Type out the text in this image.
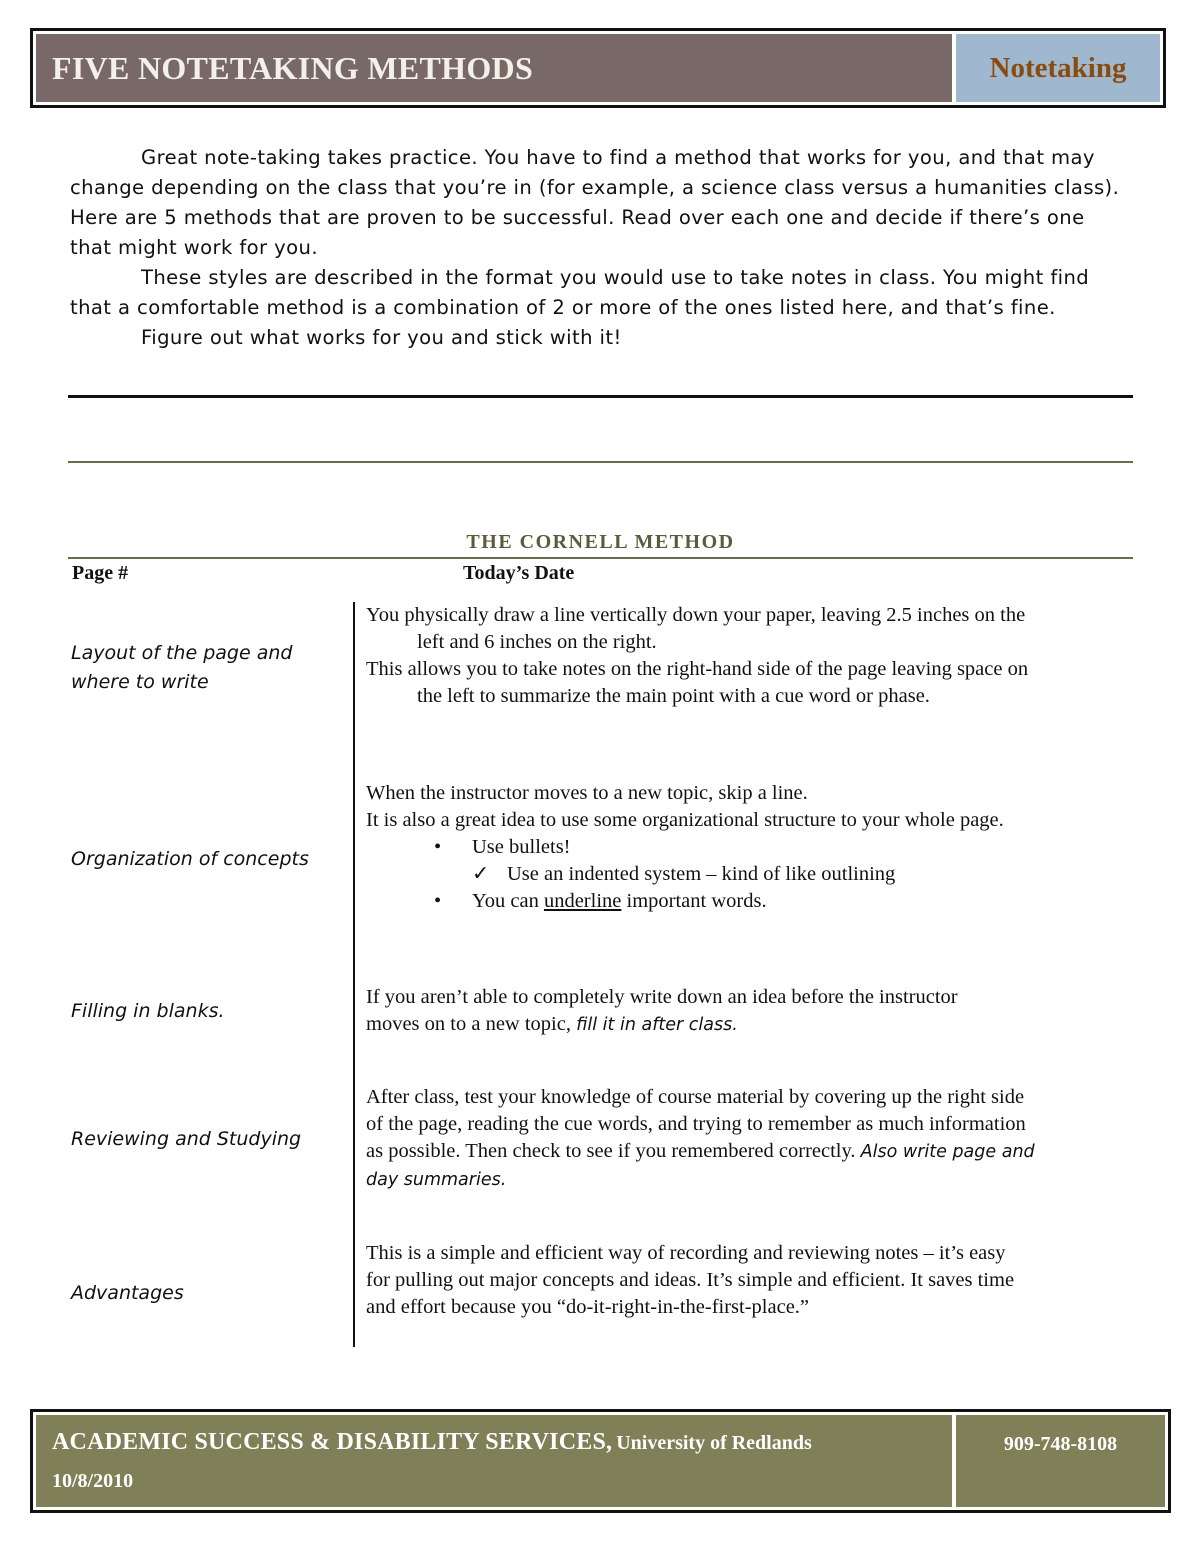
FIVE NOTETAKING METHODS	Notetaking

Great note-taking takes practice. You have to find a method that works for you, and that may change depending on the class that you’re in (for example, a science class versus a humanities class). Here are 5 methods that are proven to be successful. Read over each one and decide if there’s one that might work for you.

These styles are described in the format you would use to take notes in class. You might find that a comfortable method is a combination of 2 or more of the ones listed here, and that’s fine.

Figure out what works for you and stick with it!

THE CORNELL METHOD
Page #	Today’s Date
Layout of the page and where to write
Organization of concepts
Filling in blanks.
Reviewing and Studying
Advantages
You physically draw a line vertically down your paper, leaving 2.5 inches on the left and 6 inches on the right.
This allows you to take notes on the right-hand side of the page leaving space on the left to summarize the main point with a cue word or phase.
When the instructor moves to a new topic, skip a line.
It is also a great idea to use some organizational structure to your whole page.
• Use bullets!
✓ Use an indented system – kind of like outlining
• You can underline important words.
If you aren’t able to completely write down an idea before the instructor moves on to a new topic, fill it in after class.
After class, test your knowledge of course material by covering up the right side of the page, reading the cue words, and trying to remember as much information as possible. Then check to see if you remembered correctly. Also write page and day summaries.
This is a simple and efficient way of recording and reviewing notes – it’s easy for pulling out major concepts and ideas. It’s simple and efficient. It saves time and effort because you “do-it-right-in-the-first-place.”
ACADEMIC SUCCESS & DISABILITY SERVICES, University of Redlands
10/8/2010
909-748-8108
